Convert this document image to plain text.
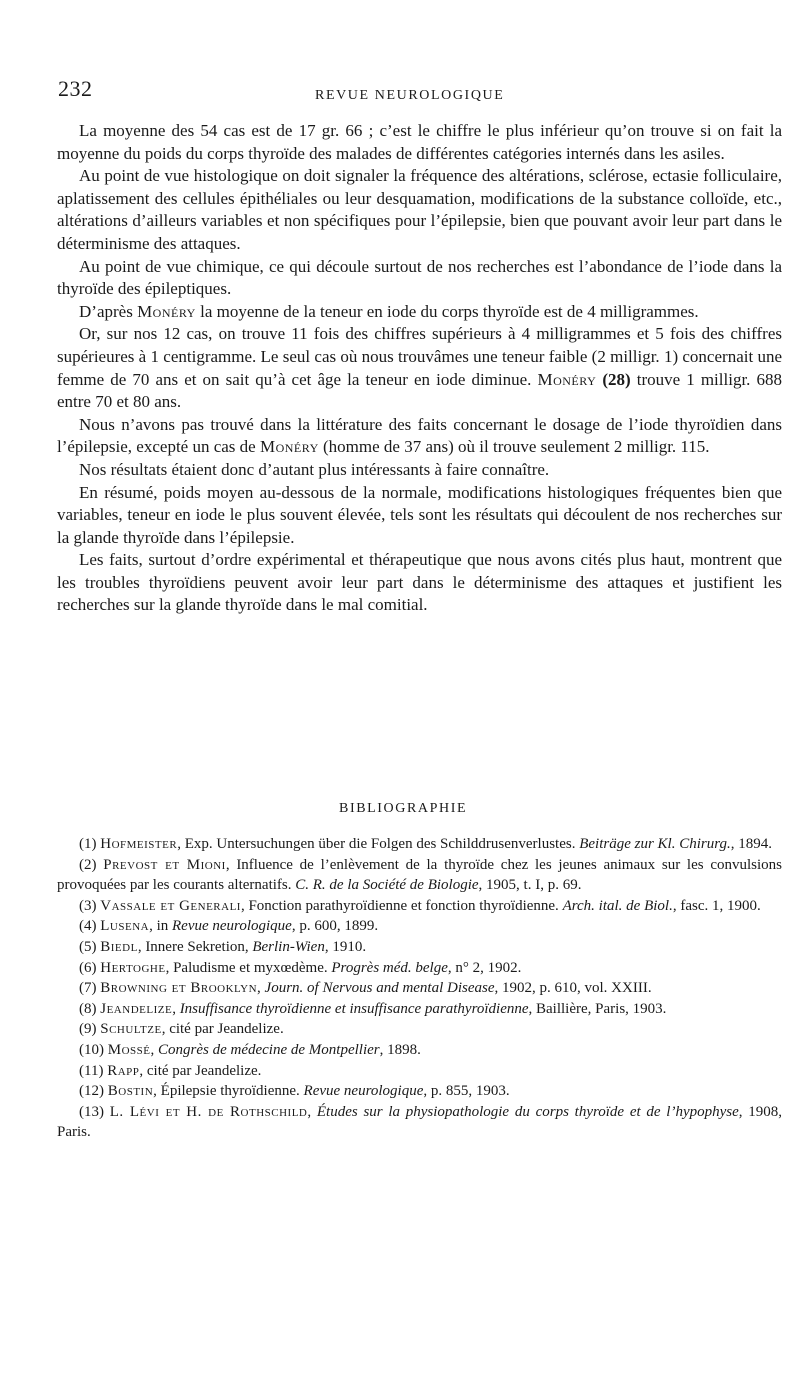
232	REVUE NEUROLOGIQUE

La moyenne des 54 cas est de 17 gr. 66 ; c’est le chiffre le plus inférieur qu’on trouve si on fait la moyenne du poids du corps thyroïde des malades de différentes catégories internés dans les asiles.

Au point de vue histologique on doit signaler la fréquence des altérations, sclérose, ectasie folliculaire, aplatissement des cellules épithéliales ou leur desquamation, modifications de la substance colloïde, etc., altérations d’ailleurs variables et non spécifiques pour l’épilepsie, bien que pouvant avoir leur part dans le déterminisme des attaques.

Au point de vue chimique, ce qui découle surtout de nos recherches est l’abondance de l’iode dans la thyroïde des épileptiques.

D’après Monéry la moyenne de la teneur en iode du corps thyroïde est de 4 milligrammes.

Or, sur nos 12 cas, on trouve 11 fois des chiffres supérieurs à 4 milligrammes et 5 fois des chiffres supérieures à 1 centigramme. Le seul cas où nous trouvâmes une teneur faible (2 milligr. 1) concernait une femme de 70 ans et on sait qu’à cet âge la teneur en iode diminue. Monéry (28) trouve 1 milligr. 688 entre 70 et 80 ans.

Nous n’avons pas trouvé dans la littérature des faits concernant le dosage de l’iode thyroïdien dans l’épilepsie, excepté un cas de Monéry (homme de 37 ans) où il trouve seulement 2 milligr. 115.

Nos résultats étaient donc d’autant plus intéressants à faire connaître.

En résumé, poids moyen au-dessous de la normale, modifications histologiques fréquentes bien que variables, teneur en iode le plus souvent élevée, tels sont les résultats qui découlent de nos recherches sur la glande thyroïde dans l’épilepsie.

Les faits, surtout d’ordre expérimental et thérapeutique que nous avons cités plus haut, montrent que les troubles thyroïdiens peuvent avoir leur part dans le déterminisme des attaques et justifient les recherches sur la glande thyroïde dans le mal comitial.

BIBLIOGRAPHIE

(1) Hofmeister, Exp. Untersuchungen über die Folgen des Schilddrusenverlustes. Beiträge zur Kl. Chirurg., 1894.

(2) Prevost et Mioni, Influence de l’enlèvement de la thyroïde chez les jeunes animaux sur les convulsions provoquées par les courants alternatifs. C. R. de la Société de Biologie, 1905, t. I, p. 69.

(3) Vassale et Generali, Fonction parathyroïdienne et fonction thyroïdienne. Arch. ital. de Biol., fasc. 1, 1900.

(4) Lusena, in Revue neurologique, p. 600, 1899.

(5) Biedl, Innere Sekretion, Berlin-Wien, 1910.

(6) Hertoghe, Paludisme et myxœdème. Progrès méd. belge, n° 2, 1902.

(7) Browning et Brooklyn, Journ. of Nervous and mental Disease, 1902, p. 610, vol. XXIII.

(8) Jeandelize, Insuffisance thyroïdienne et insuffisance parathyroïdienne, Baillière, Paris, 1903.

(9) Schultze, cité par Jeandelize.

(10) Mossé, Congrès de médecine de Montpellier, 1898.

(11) Rapp, cité par Jeandelize.

(12) Bostin, Épilepsie thyroïdienne. Revue neurologique, p. 855, 1903.

(13) L. Lévi et H. de Rothschild, Études sur la physiopathologie du corps thyroïde et de l’hypophyse, 1908, Paris.
